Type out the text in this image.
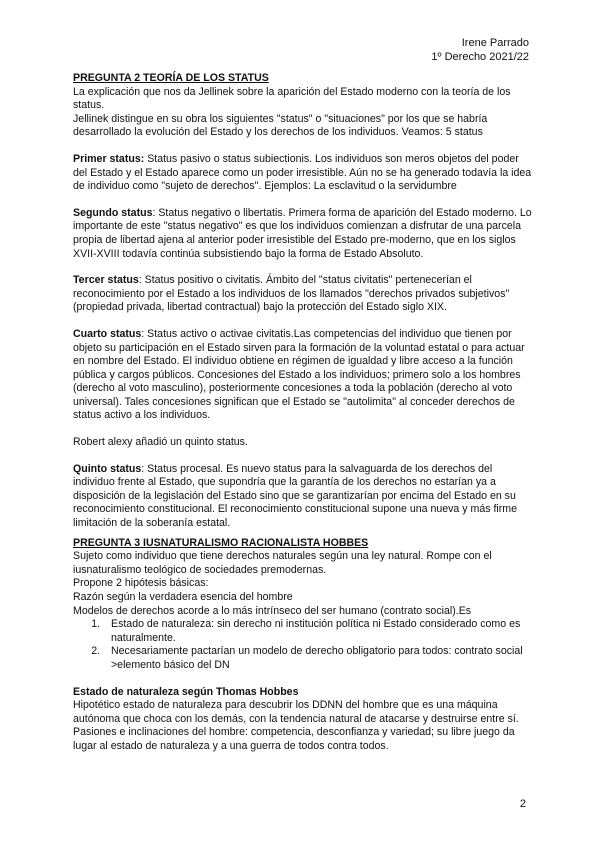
Irene Parrado
1º Derecho 2021/22

PREGUNTA 2 TEORÍA DE LOS STATUS

La explicación que nos da Jellinek sobre la aparición del Estado moderno con la teoría de los status.

Jellinek distingue en su obra los siguientes "status" o "situaciones" por los que se habría desarrollado la evolución del Estado y los derechos de los individuos. Veamos: 5 status

Primer status: Status pasivo o status subiectionis. Los individuos son meros objetos del poder del Estado y el Estado aparece como un poder irresistible. Aún no se ha generado todavía la idea de individuo como "sujeto de derechos". Ejemplos: La esclavitud o la servidumbre

Segundo status: Status negativo o libertatis. Primera forma de aparición del Estado moderno. Lo importante de este "status negativo" es que los individuos comienzan a disfrutar de una parcela propia de libertad ajena al anterior poder irresistible del Estado pre-moderno, que en los siglos XVII-XVIII todavía continúa subsistiendo bajo la forma de Estado Absoluto.

Tercer status: Status positivo o civitatis. Ámbito del "status civitatis" pertenecerían el reconocimiento por el Estado a los individuos de los llamados "derechos privados subjetivos" (propiedad privada, libertad contractual) bajo la protección del Estado siglo XIX.

Cuarto status: Status activo o activae civitatis.Las competencias del individuo que tienen por objeto su participación en el Estado sirven para la formación de la voluntad estatal o para actuar en nombre del Estado. El individuo obtiene en régimen de igualdad y libre acceso a la función pública y cargos públicos. Concesiones del Estado a los individuos; primero solo a los hombres (derecho al voto masculino), posteriormente concesiones a toda la población (derecho al voto universal). Tales concesiones significan que el Estado se "autolimita" al conceder derechos de status activo a los individuos.

Robert alexy añadió un quinto status.

Quinto status: Status procesal. Es nuevo status para la salvaguarda de los derechos del individuo frente al Estado, que supondría que la garantía de los derechos no estarían ya a disposición de la legislación del Estado sino que se garantizarían por encima del Estado en su reconocimiento constitucional. El reconocimiento constitucional supone una nueva y más firme limitación de la soberanía estatal.

PREGUNTA 3 IUSNATURALISMO RACIONALISTA HOBBES

Sujeto como individuo que tiene derechos naturales según una ley natural. Rompe con el iusnaturalismo teológico de sociedades premodernas.

Propone 2 hipótesis básicas:

Razón según la verdadera esencia del hombre

Modelos de derechos acorde a lo más intrínseco del ser humano (contrato social).Es

1. Estado de naturaleza: sin derecho ni institución política ni Estado considerado como es naturalmente.
2. Necesariamente pactarían un modelo de derecho obligatorio para todos: contrato social >elemento básico del DN

Estado de naturaleza según Thomas Hobbes

Hipotético estado de naturaleza para descubrir los DDNN del hombre que es una máquina autónoma que choca con los demás, con la tendencia natural de atacarse y destruirse entre sí.

Pasiones e inclinaciones del hombre: competencia, desconfianza y variedad; su libre juego da lugar al estado de naturaleza y a una guerra de todos contra todos.

2
